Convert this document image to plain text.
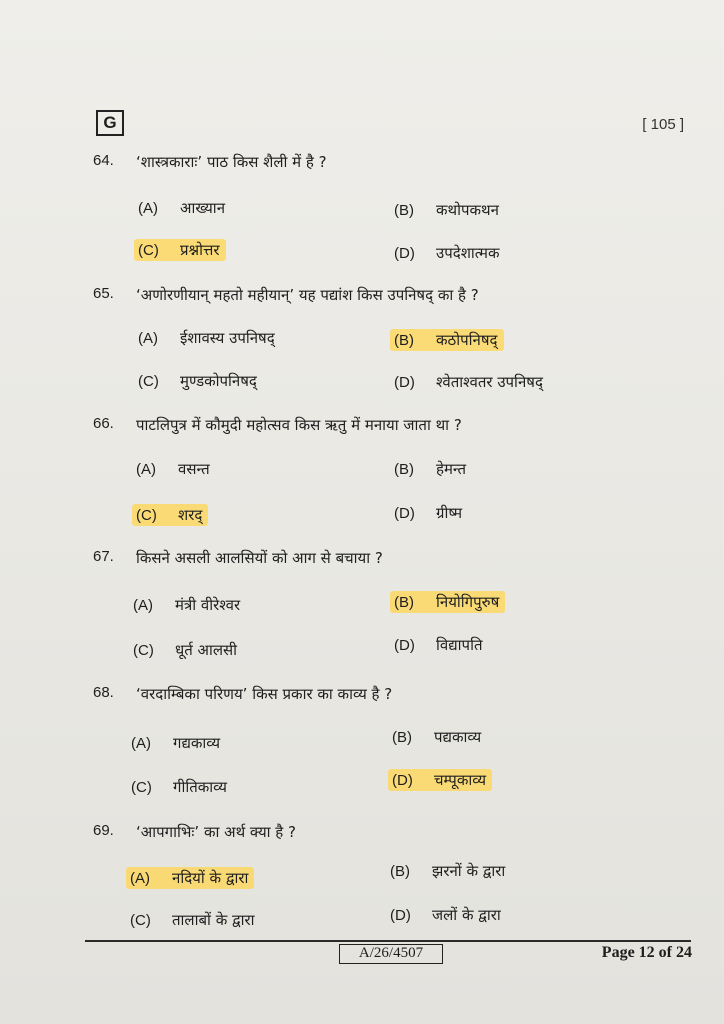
G	[ 105 ]
64. ‘शास्त्रकाराः’ पाठ किस शैली में है ?
(A) आख्यान	(B) कथोपकथन
(C) प्रश्नोत्तर	(D) उपदेशात्मक
65. ‘अणोरणीयान् महतो महीयान्’ यह पद्यांश किस उपनिषद् का है ?
(A) ईशावस्य उपनिषद्	(B) कठोपनिषद्
(C) मुण्डकोपनिषद्	(D) श्वेताश्वतर उपनिषद्
66. पाटलिपुत्र में कौमुदी महोत्सव किस ऋतु में मनाया जाता था ?
(A) वसन्त	(B) हेमन्त
(C) शरद्	(D) ग्रीष्म
67. किसने असली आलसियों को आग से बचाया ?
(A) मंत्री वीरेश्वर	(B) नियोगिपुरुष
(C) धूर्त आलसी	(D) विद्यापति
68. ‘वरदाम्बिका परिणय’ किस प्रकार का काव्य है ?
(A) गद्यकाव्य	(B) पद्यकाव्य
(C) गीतिकाव्य	(D) चम्पूकाव्य
69. ‘आपगाभिः’ का अर्थ क्या है ?
(A) नदियों के द्वारा	(B) झरनों के द्वारा
(C) तालाबों के द्वारा	(D) जलों के द्वारा
A/26/4507	Page 12 of 24
